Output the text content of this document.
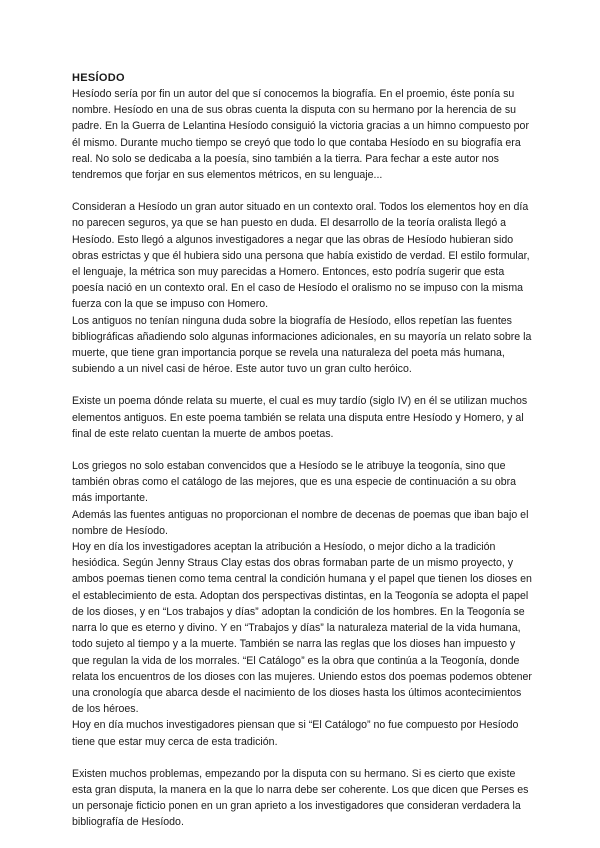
HESÍODO

Hesíodo sería por fin un autor del que sí conocemos la biografía. En el proemio, éste ponía su nombre. Hesíodo en una de sus obras cuenta la disputa con su hermano por la herencia de su padre. En la Guerra de Lelantina Hesíodo consiguió la victoria gracias a un himno compuesto por él mismo. Durante mucho tiempo se creyó que todo lo que contaba Hesíodo en su biografía era real. No solo se dedicaba a la poesía, sino también a la tierra. Para fechar a este autor nos tendremos que forjar en sus elementos métricos, en su lenguaje...

Consideran a Hesíodo un gran autor situado en un contexto oral. Todos los elementos hoy en día no parecen seguros, ya que se han puesto en duda. El desarrollo de la teoría oralista llegó a Hesíodo. Esto llegó a algunos investigadores a negar que las obras de Hesíodo hubieran sido obras estrictas y que él hubiera sido una persona que había existido de verdad. El estilo formular, el lenguaje, la métrica son muy parecidas a Homero. Entonces, esto podría sugerir que esta poesía nació en un contexto oral. En el caso de Hesíodo el oralismo no se impuso con la misma fuerza con la que se impuso con Homero.

Los antiguos no tenían ninguna duda sobre la biografía de Hesíodo, ellos repetían las fuentes bibliográficas añadiendo solo algunas informaciones adicionales, en su mayoría un relato sobre la muerte, que tiene gran importancia porque se revela una naturaleza del poeta más humana, subiendo a un nivel casi de héroe. Este autor tuvo un gran culto heróico.

Existe un poema dónde relata su muerte, el cual es muy tardío (siglo IV) en él se utilizan muchos elementos antiguos. En este poema también se relata una disputa entre Hesíodo y Homero, y al final de este relato cuentan la muerte de ambos poetas.

Los griegos no solo estaban convencidos que a Hesíodo se le atribuye la teogonía, sino que también obras como el catálogo de las mejores, que es una especie de continuación a su obra más importante.

Además las fuentes antiguas no proporcionan el nombre de decenas de poemas que iban bajo el nombre de Hesíodo.

Hoy en día los investigadores aceptan la atribución a Hesíodo, o mejor dicho a la tradición hesiódica. Según Jenny Straus Clay estas dos obras formaban parte de un mismo proyecto, y ambos poemas tienen como tema central la condición humana y el papel que tienen los dioses en el establecimiento de esta. Adoptan dos perspectivas distintas, en la Teogonía se adopta el papel de los dioses, y en “Los trabajos y días” adoptan la condición de los hombres. En la Teogonía se narra lo que es eterno y divino. Y en “Trabajos y días” la naturaleza material de la vida humana, todo sujeto al tiempo y a la muerte. También se narra las reglas que los dioses han impuesto y que regulan la vida de los morrales. “El Catálogo” es la obra que continúa a la Teogonía, donde relata los encuentros de los dioses con las mujeres. Uniendo estos dos poemas podemos obtener una cronología que abarca desde el nacimiento de los dioses hasta los últimos acontecimientos de los héroes.

Hoy en día muchos investigadores piensan que si “El Catálogo” no fue compuesto por Hesíodo tiene que estar muy cerca de esta tradición.

Existen muchos problemas, empezando por la disputa con su hermano. Si es cierto que existe esta gran disputa, la manera en la que lo narra debe ser coherente. Los que dicen que Perses es un personaje ficticio ponen en un gran aprieto a los investigadores que consideran verdadera la bibliografía de Hesíodo.
